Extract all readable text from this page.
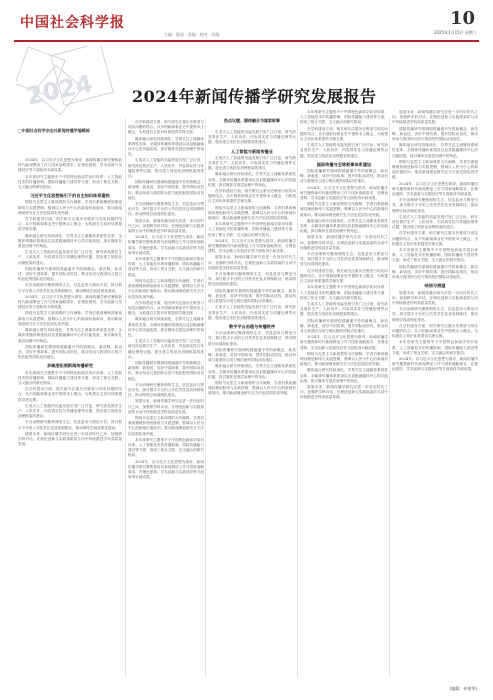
中国社会科学报
主编 · 版面 · 责编 · 校对 · 美编
10
2025年1月15日 星期三
2024 2024年新闻传播学研究发展报告
□中国社会科学杂志社新闻传播学编辑部
热点议题、媒体融合与国家叙事

2024年，以习近平文化思想为指导，新闻传播学研究聚焦新时代新闻舆论工作与国家战略需求，在理论建构、学术创新与实践回应等方面取得丰硕成果。

本年度研究主题集中于中国特色新闻学知识体系、人工智能技术的传播影响、国际传播能力建设等方面，形成了相互关联、交叉融合的研究格局。

习近平文化思想指引下的自主知识体系建构

围绕马克思主义新闻观的当代阐释，学者们系统梳理其理论脉络与实践逻辑，强调以人民为中心的新闻价值取向，推动新闻理论研究在方法论层面实现突破。

在学科建设方面，相关研究注重历史维度与现实问题的结合，从中国新闻事业史中提炼本土概念，为构建自主知识体系提供学理支撑。

媒体融合研究持续深化，学界关注主流媒体系统性变革、全媒体传播体系建设以及县级融媒体中心的功能拓展，探讨媒体在基层治理中的角色。

生成式人工智能的迅猛发展引发广泛讨论，研究涉及算法生产、人机协作、内容真实性与传播伦理等议题，提出建立规范化治理框架的建议。

国际传播研究强调构建融通中外的新概念、新范畴、新表述，讲好中国故事，提升国际话语权，推动形成与我国综合国力相匹配的国际话语地位。

平台治理研究聚焦网络生态、信息茧房与舆论引导，探讨数字平台的公共性责任及其规制路径，推动网络空间清朗化建设。

2024年，以习近平文化思想为指导，新闻传播学研究聚焦新时代新闻舆论工作与国家战略需求，在理论建构、学术创新与实践回应等方面取得丰硕成果。

围绕马克思主义新闻观的当代阐释，学者们系统梳理其理论脉络与实践逻辑，强调以人民为中心的新闻价值取向，推动新闻理论研究在方法论层面实现突破。

媒体融合研究持续深化，学界关注主流媒体系统性变革、全媒体传播体系建设以及县级融媒体中心的功能拓展，探讨媒体在基层治理中的角色。

国际传播研究强调构建融通中外的新概念、新范畴、新表述，讲好中国故事，提升国际话语权，推动形成与我国综合国力相匹配的国际话语地位。

多维度拓展新闻传播研究

本年度研究主题集中于中国特色新闻学知识体系、人工智能技术的传播影响、国际传播能力建设等方面，形成了相互关联、交叉融合的研究格局。

在学科建设方面，相关研究注重历史维度与现实问题的结合，从中国新闻事业史中提炼本土概念，为构建自主知识体系提供学理支撑。

生成式人工智能的迅猛发展引发广泛讨论，研究涉及算法生产、人机协作、内容真实性与传播伦理等议题，提出建立规范化治理框架的建议。

平台治理研究聚焦网络生态、信息茧房与舆论引导，探讨数字平台的公共性责任及其规制路径，推动网络空间清朗化建设。

展望未来，新闻传播学研究应进一步回应时代之问，加强跨学科对话，在理论创新与实践探索的互动中持续推进学科高质量发展。

在学科建设方面，相关研究注重历史维度与现实问题的结合，从中国新闻事业史中提炼本土概念，为构建自主知识体系提供学理支撑。

媒体融合研究持续深化，学界关注主流媒体系统性变革、全媒体传播体系建设以及县级融媒体中心的功能拓展，探讨媒体在基层治理中的角色。

生成式人工智能的迅猛发展引发广泛讨论，研究涉及算法生产、人机协作、内容真实性与传播伦理等议题，提出建立规范化治理框架的建议。

国际传播研究强调构建融通中外的新概念、新范畴、新表述，讲好中国故事，提升国际话语权，推动形成与我国综合国力相匹配的国际话语地位。

平台治理研究聚焦网络生态、信息茧房与舆论引导，探讨数字平台的公共性责任及其规制路径，推动网络空间清朗化建设。

展望未来，新闻传播学研究应进一步回应时代之问，加强跨学科对话，在理论创新与实践探索的互动中持续推进学科高质量发展。

2024年，以习近平文化思想为指导，新闻传播学研究聚焦新时代新闻舆论工作与国家战略需求，在理论建构、学术创新与实践回应等方面取得丰硕成果。

本年度研究主题集中于中国特色新闻学知识体系、人工智能技术的传播影响、国际传播能力建设等方面，形成了相互关联、交叉融合的研究格局。

围绕马克思主义新闻观的当代阐释，学者们系统梳理其理论脉络与实践逻辑，强调以人民为中心的新闻价值取向，推动新闻理论研究在方法论层面实现突破。

在学科建设方面，相关研究注重历史维度与现实问题的结合，从中国新闻事业史中提炼本土概念，为构建自主知识体系提供学理支撑。

媒体融合研究持续深化，学界关注主流媒体系统性变革、全媒体传播体系建设以及县级融媒体中心的功能拓展，探讨媒体在基层治理中的角色。

生成式人工智能的迅猛发展引发广泛讨论，研究涉及算法生产、人机协作、内容真实性与传播伦理等议题，提出建立规范化治理框架的建议。

国际传播研究强调构建融通中外的新概念、新范畴、新表述，讲好中国故事，提升国际话语权，推动形成与我国综合国力相匹配的国际话语地位。

平台治理研究聚焦网络生态、信息茧房与舆论引导，探讨数字平台的公共性责任及其规制路径，推动网络空间清朗化建设。

展望未来，新闻传播学研究应进一步回应时代之问，加强跨学科对话，在理论创新与实践探索的互动中持续推进学科高质量发展。

围绕马克思主义新闻观的当代阐释，学者们系统梳理其理论脉络与实践逻辑，强调以人民为中心的新闻价值取向，推动新闻理论研究在方法论层面实现突破。

本年度研究主题集中于中国特色新闻学知识体系、人工智能技术的传播影响、国际传播能力建设等方面，形成了相互关联、交叉融合的研究格局。

2024年，以习近平文化思想为指导，新闻传播学研究聚焦新时代新闻舆论工作与国家战略需求，在理论建构、学术创新与实践回应等方面取得丰硕成果。

生成式人工智能的迅猛发展引发广泛讨论，研究涉及算法生产、人机协作、内容真实性与传播伦理等议题，提出建立规范化治理框架的建议。

人工智能与新闻传播业

生成式人工智能的迅猛发展引发广泛讨论，研究涉及算法生产、人机协作、内容真实性与传播伦理等议题，提出建立规范化治理框架的建议。

媒体融合研究持续深化，学界关注主流媒体系统性变革、全媒体传播体系建设以及县级融媒体中心的功能拓展，探讨媒体在基层治理中的角色。

在学科建设方面，相关研究注重历史维度与现实问题的结合，从中国新闻事业史中提炼本土概念，为构建自主知识体系提供学理支撑。

围绕马克思主义新闻观的当代阐释，学者们系统梳理其理论脉络与实践逻辑，强调以人民为中心的新闻价值取向，推动新闻理论研究在方法论层面实现突破。

本年度研究主题集中于中国特色新闻学知识体系、人工智能技术的传播影响、国际传播能力建设等方面，形成了相互关联、交叉融合的研究格局。

2024年，以习近平文化思想为指导，新闻传播学研究聚焦新时代新闻舆论工作与国家战略需求，在理论建构、学术创新与实践回应等方面取得丰硕成果。

展望未来，新闻传播学研究应进一步回应时代之问，加强跨学科对话，在理论创新与实践探索的互动中持续推进学科高质量发展。

平台治理研究聚焦网络生态、信息茧房与舆论引导，探讨数字平台的公共性责任及其规制路径，推动网络空间清朗化建设。

国际传播研究强调构建融通中外的新概念、新范畴、新表述，讲好中国故事，提升国际话语权，推动形成与我国综合国力相匹配的国际话语地位。

生成式人工智能的迅猛发展引发广泛讨论，研究涉及算法生产、人机协作、内容真实性与传播伦理等议题，提出建立规范化治理框架的建议。

数字平台治理与传播秩序

平台治理研究聚焦网络生态、信息茧房与舆论引导，探讨数字平台的公共性责任及其规制路径，推动网络空间清朗化建设。

国际传播研究强调构建融通中外的新概念、新范畴、新表述，讲好中国故事，提升国际话语权，推动形成与我国综合国力相匹配的国际话语地位。

媒体融合研究持续深化，学界关注主流媒体系统性变革、全媒体传播体系建设以及县级融媒体中心的功能拓展，探讨媒体在基层治理中的角色。

围绕马克思主义新闻观的当代阐释，学者们系统梳理其理论脉络与实践逻辑，强调以人民为中心的新闻价值取向，推动新闻理论研究在方法论层面实现突破。

本年度研究主题集中于中国特色新闻学知识体系、人工智能技术的传播影响、国际传播能力建设等方面，形成了相互关联、交叉融合的研究格局。

在学科建设方面，相关研究注重历史维度与现实问题的结合，从中国新闻事业史中提炼本土概念，为构建自主知识体系提供学理支撑。

生成式人工智能的迅猛发展引发广泛讨论，研究涉及算法生产、人机协作、内容真实性与传播伦理等议题，提出建立规范化治理框架的建议。

国际传播与全球叙事体系建设

国际传播研究强调构建融通中外的新概念、新范畴、新表述，讲好中国故事，提升国际话语权，推动形成与我国综合国力相匹配的国际话语地位。

2024年，以习近平文化思想为指导，新闻传播学研究聚焦新时代新闻舆论工作与国家战略需求，在理论建构、学术创新与实践回应等方面取得丰硕成果。

围绕马克思主义新闻观的当代阐释，学者们系统梳理其理论脉络与实践逻辑，强调以人民为中心的新闻价值取向，推动新闻理论研究在方法论层面实现突破。

媒体融合研究持续深化，学界关注主流媒体系统性变革、全媒体传播体系建设以及县级融媒体中心的功能拓展，探讨媒体在基层治理中的角色。

展望未来，新闻传播学研究应进一步回应时代之问，加强跨学科对话，在理论创新与实践探索的互动中持续推进学科高质量发展。

平台治理研究聚焦网络生态、信息茧房与舆论引导，探讨数字平台的公共性责任及其规制路径，推动网络空间清朗化建设。

在学科建设方面，相关研究注重历史维度与现实问题的结合，从中国新闻事业史中提炼本土概念，为构建自主知识体系提供学理支撑。

本年度研究主题集中于中国特色新闻学知识体系、人工智能技术的传播影响、国际传播能力建设等方面，形成了相互关联、交叉融合的研究格局。

生成式人工智能的迅猛发展引发广泛讨论，研究涉及算法生产、人机协作、内容真实性与传播伦理等议题，提出建立规范化治理框架的建议。

国际传播研究强调构建融通中外的新概念、新范畴、新表述，讲好中国故事，提升国际话语权，推动形成与我国综合国力相匹配的国际话语地位。

2024年，以习近平文化思想为指导，新闻传播学研究聚焦新时代新闻舆论工作与国家战略需求，在理论建构、学术创新与实践回应等方面取得丰硕成果。

围绕马克思主义新闻观的当代阐释，学者们系统梳理其理论脉络与实践逻辑，强调以人民为中心的新闻价值取向，推动新闻理论研究在方法论层面实现突破。

媒体融合研究持续深化，学界关注主流媒体系统性变革、全媒体传播体系建设以及县级融媒体中心的功能拓展，探讨媒体在基层治理中的角色。

展望未来，新闻传播学研究应进一步回应时代之问，加强跨学科对话，在理论创新与实践探索的互动中持续推进学科高质量发展。

展望未来，新闻传播学研究应进一步回应时代之问，加强跨学科对话，在理论创新与实践探索的互动中持续推进学科高质量发展。

国际传播研究强调构建融通中外的新概念、新范畴、新表述，讲好中国故事，提升国际话语权，推动形成与我国综合国力相匹配的国际话语地位。

媒体融合研究持续深化，学界关注主流媒体系统性变革、全媒体传播体系建设以及县级融媒体中心的功能拓展，探讨媒体在基层治理中的角色。

围绕马克思主义新闻观的当代阐释，学者们系统梳理其理论脉络与实践逻辑，强调以人民为中心的新闻价值取向，推动新闻理论研究在方法论层面实现突破。

2024年，以习近平文化思想为指导，新闻传播学研究聚焦新时代新闻舆论工作与国家战略需求，在理论建构、学术创新与实践回应等方面取得丰硕成果。

平台治理研究聚焦网络生态、信息茧房与舆论引导，探讨数字平台的公共性责任及其规制路径，推动网络空间清朗化建设。

生成式人工智能的迅猛发展引发广泛讨论，研究涉及算法生产、人机协作、内容真实性与传播伦理等议题，提出建立规范化治理框架的建议。

在学科建设方面，相关研究注重历史维度与现实问题的结合，从中国新闻事业史中提炼本土概念，为构建自主知识体系提供学理支撑。

本年度研究主题集中于中国特色新闻学知识体系、人工智能技术的传播影响、国际传播能力建设等方面，形成了相互关联、交叉融合的研究格局。

国际传播研究强调构建融通中外的新概念、新范畴、新表述，讲好中国故事，提升国际话语权，推动形成与我国综合国力相匹配的国际话语地位。

结语与展望

展望未来，新闻传播学研究应进一步回应时代之问，加强跨学科对话，在理论创新与实践探索的互动中持续推进学科高质量发展。

平台治理研究聚焦网络生态、信息茧房与舆论引导，探讨数字平台的公共性责任及其规制路径，推动网络空间清朗化建设。

在学科建设方面，相关研究注重历史维度与现实问题的结合，从中国新闻事业史中提炼本土概念，为构建自主知识体系提供学理支撑。

本年度研究主题集中于中国特色新闻学知识体系、人工智能技术的传播影响、国际传播能力建设等方面，形成了相互关联、交叉融合的研究格局。

2024年，以习近平文化思想为指导，新闻传播学研究聚焦新时代新闻舆论工作与国家战略需求，在理论建构、学术创新与实践回应等方面取得丰硕成果。

(编辑：何建华)
